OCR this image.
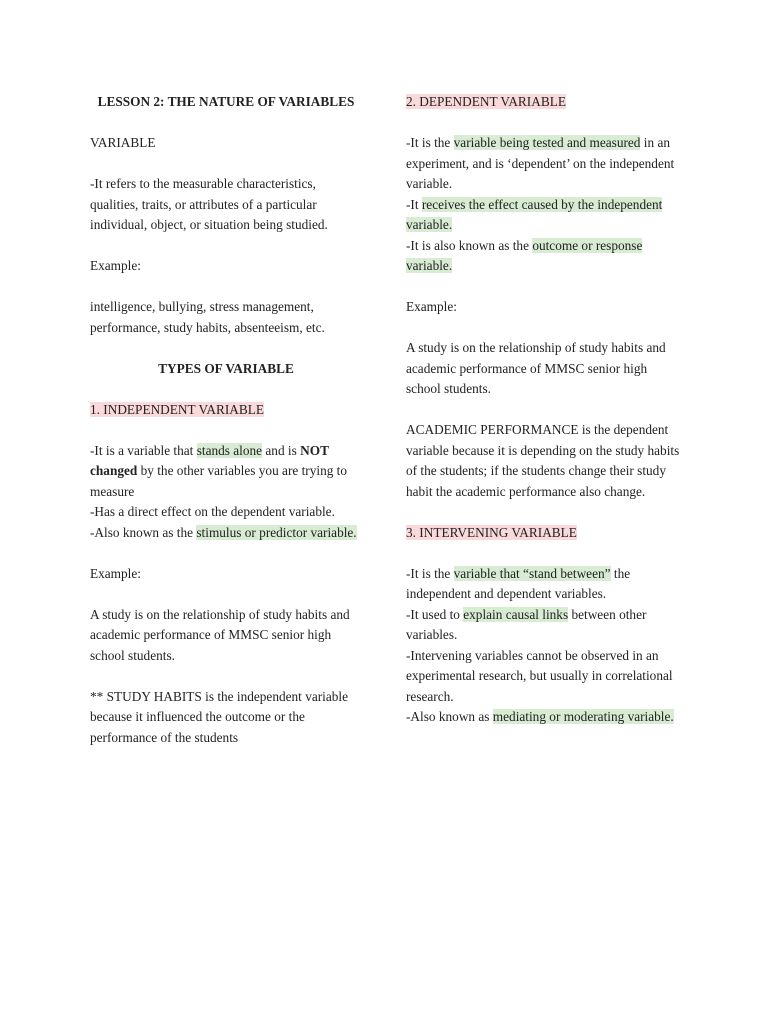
LESSON 2: THE NATURE OF VARIABLES

VARIABLE

-It refers to the measurable characteristics, qualities, traits, or attributes of a particular individual, object, or situation being studied.

Example:

intelligence, bullying, stress management, performance, study habits, absenteeism, etc.

TYPES OF VARIABLE

1. INDEPENDENT VARIABLE

-It is a variable that stands alone and is NOT changed by the other variables you are trying to measure

-Has a direct effect on the dependent variable.

-Also known as the stimulus or predictor variable.

Example:

A study is on the relationship of study habits and academic performance of MMSC senior high school students.

** STUDY HABITS is the independent variable because it influenced the outcome or the performance of the students

2. DEPENDENT VARIABLE

-It is the variable being tested and measured in an experiment, and is ‘dependent’ on the independent variable.

-It receives the effect caused by the independent variable.

-It is also known as the outcome or response variable.

Example:

A study is on the relationship of study habits and academic performance of MMSC senior high school students.

ACADEMIC PERFORMANCE is the dependent variable because it is depending on the study habits of the students; if the students change their study habit the academic performance also change.

3. INTERVENING VARIABLE

-It is the variable that “stand between” the independent and dependent variables.

-It used to explain causal links between other variables.

-Intervening variables cannot be observed in an experimental research, but usually in correlational research.

-Also known as mediating or moderating variable.
